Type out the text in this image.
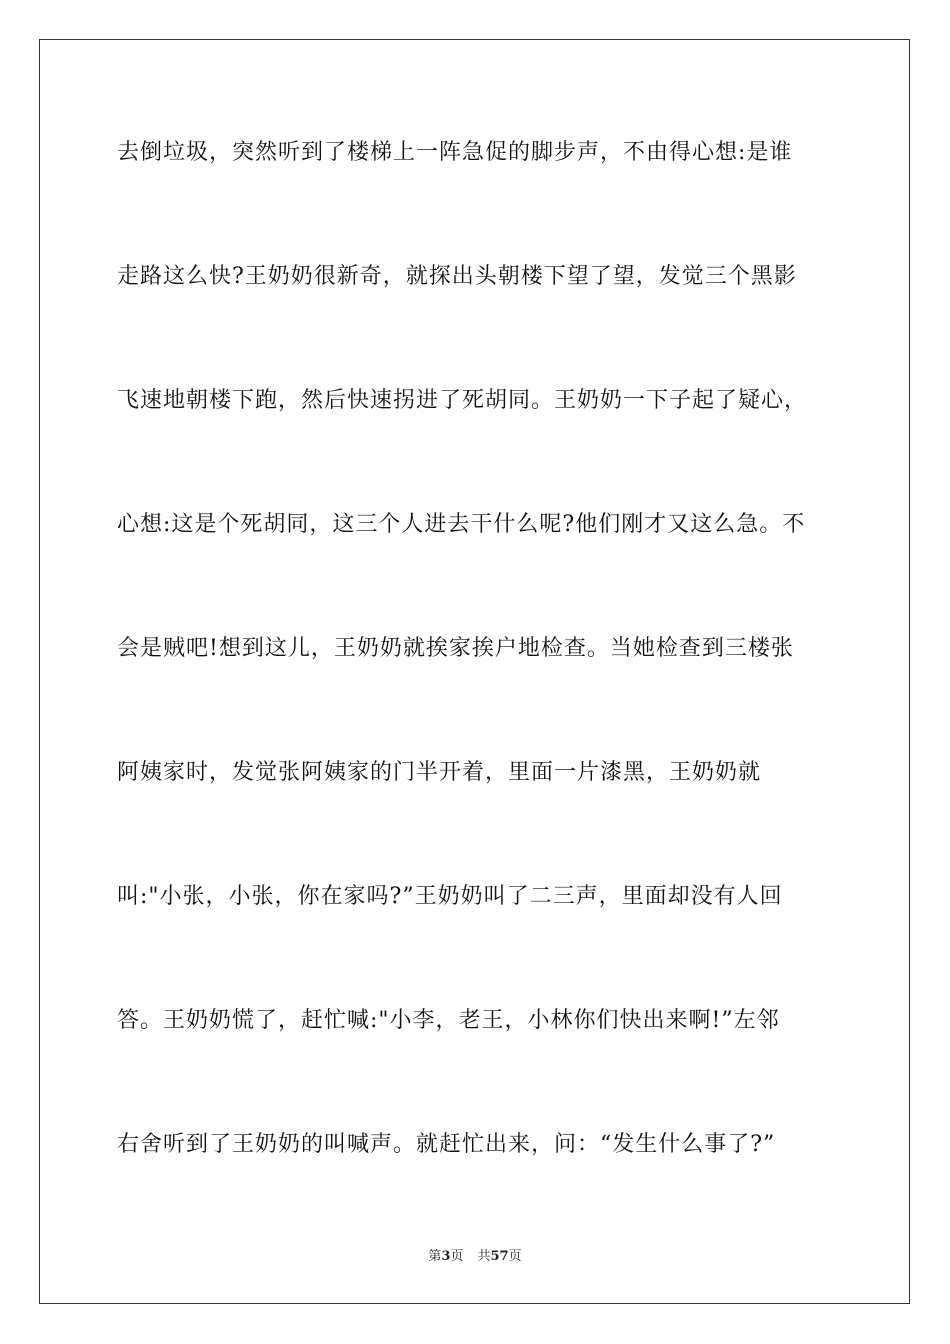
去倒垃圾，突然听到了楼梯上一阵急促的脚步声，不由得心想:是谁
走路这么快?王奶奶很新奇，就探出头朝楼下望了望，发觉三个黑影
飞速地朝楼下跑，然后快速拐进了死胡同。王奶奶一下子起了疑心，
心想:这是个死胡同，这三个人进去干什么呢?他们刚才又这么急。不
会是贼吧!想到这儿，王奶奶就挨家挨户地检查。当她检查到三楼张
阿姨家时，发觉张阿姨家的门半开着，里面一片漆黑，王奶奶就
叫:"小张，小张，你在家吗?”王奶奶叫了二三声，里面却没有人回
答。王奶奶慌了，赶忙喊:"小李，老王，小林你们快出来啊!”左邻
右舍听到了王奶奶的叫喊声。就赶忙出来，问：“发生什么事了?”
第3页 共57页
